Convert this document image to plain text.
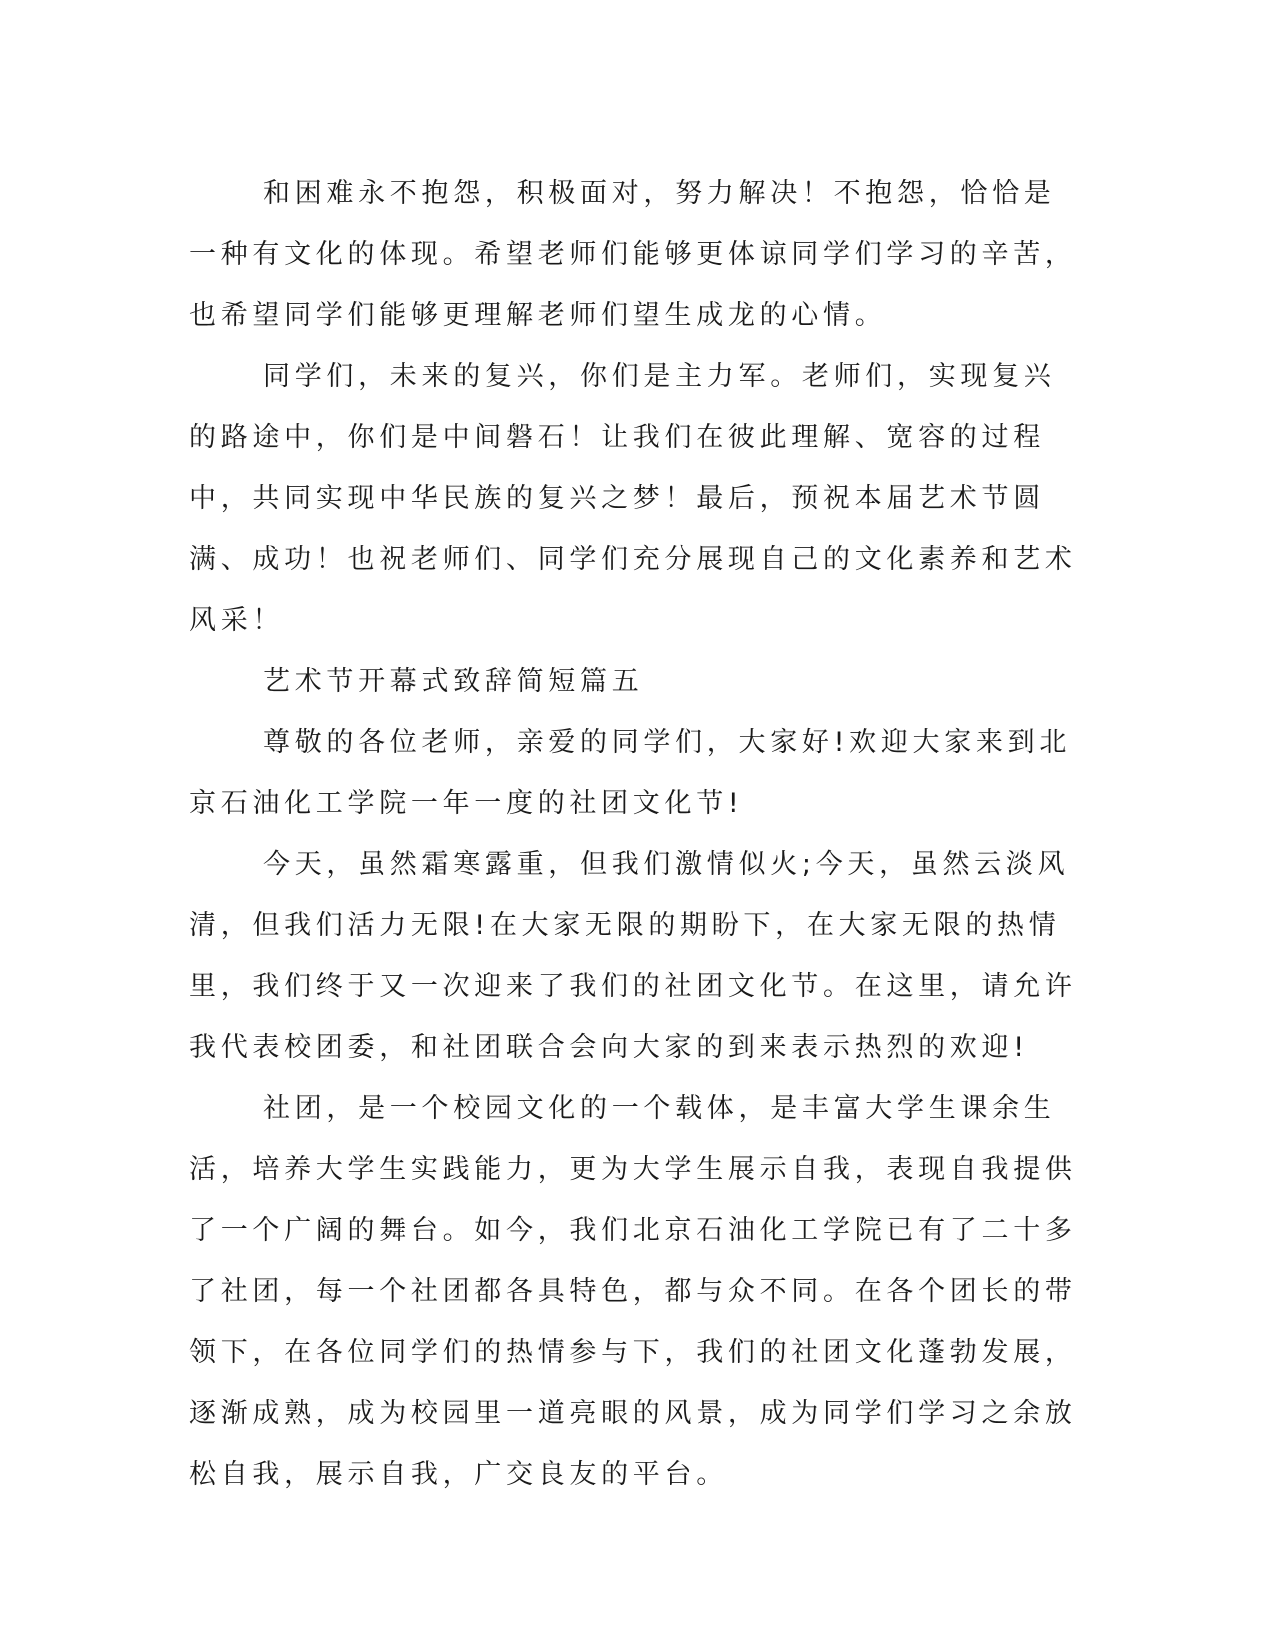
和困难永不抱怨，积极面对，努力解决！不抱怨，恰恰是一种有文化的体现。希望老师们能够更体谅同学们学习的辛苦，也希望同学们能够更理解老师们望生成龙的心情。

同学们，未来的复兴，你们是主力军。老师们，实现复兴的路途中，你们是中间磐石！让我们在彼此理解、宽容的过程中，共同实现中华民族的复兴之梦！最后，预祝本届艺术节圆满、成功！也祝老师们、同学们充分展现自己的文化素养和艺术风采！

艺术节开幕式致辞简短篇五

尊敬的各位老师，亲爱的同学们，大家好!欢迎大家来到北京石油化工学院一年一度的社团文化节!

今天，虽然霜寒露重，但我们激情似火;今天，虽然云淡风清，但我们活力无限!在大家无限的期盼下，在大家无限的热情里，我们终于又一次迎来了我们的社团文化节。在这里，请允许我代表校团委，和社团联合会向大家的到来表示热烈的欢迎!

社团，是一个校园文化的一个载体，是丰富大学生课余生活，培养大学生实践能力，更为大学生展示自我，表现自我提供了一个广阔的舞台。如今，我们北京石油化工学院已有了二十多了社团，每一个社团都各具特色，都与众不同。在各个团长的带领下，在各位同学们的热情参与下，我们的社团文化蓬勃发展，逐渐成熟，成为校园里一道亮眼的风景，成为同学们学习之余放松自我，展示自我，广交良友的平台。
